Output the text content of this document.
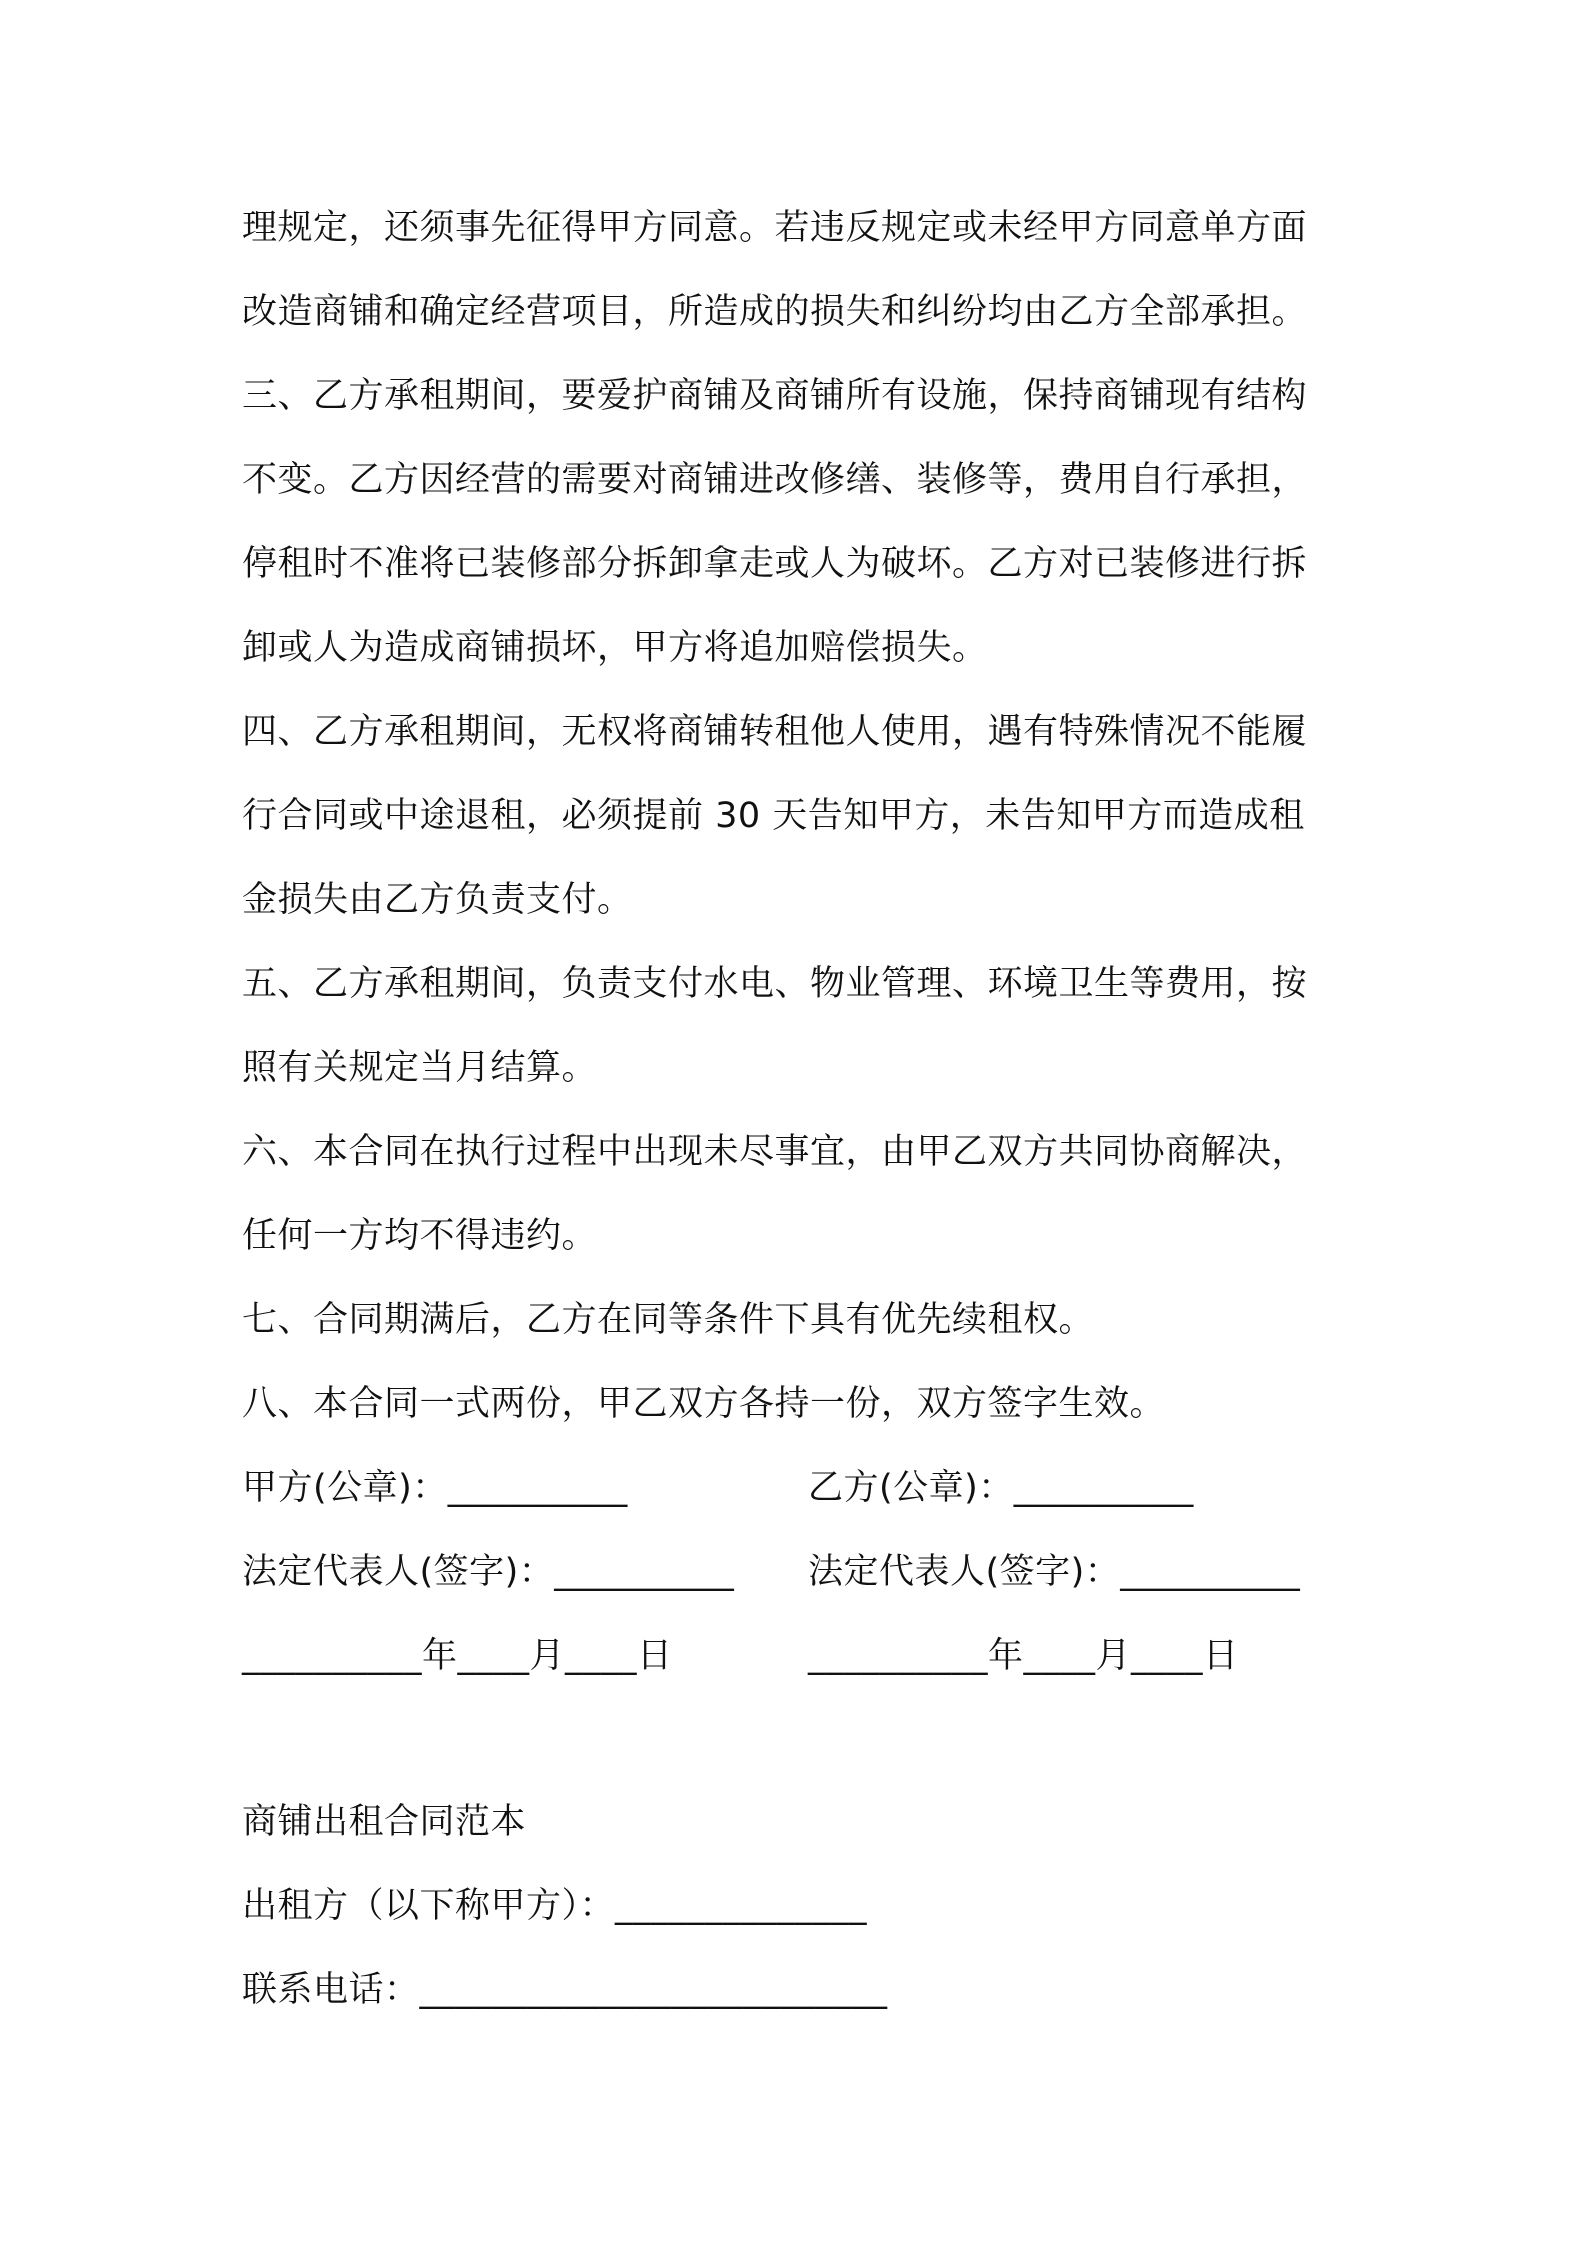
理规定，还须事先征得甲方同意。若违反规定或未经甲方同意单方面
改造商铺和确定经营项目，所造成的损失和纠纷均由乙方全部承担。
三、乙方承租期间，要爱护商铺及商铺所有设施，保持商铺现有结构
不变。乙方因经营的需要对商铺进改修缮、装修等，费用自行承担，
停租时不准将已装修部分拆卸拿走或人为破坏。乙方对已装修进行拆
卸或人为造成商铺损坏，甲方将追加赔偿损失。
四、乙方承租期间，无权将商铺转租他人使用，遇有特殊情况不能履
行合同或中途退租，必须提前 30 天告知甲方，未告知甲方而造成租
金损失由乙方负责支付。
五、乙方承租期间，负责支付水电、物业管理、环境卫生等费用，按
照有关规定当月结算。
六、本合同在执行过程中出现未尽事宜，由甲乙双方共同协商解决，
任何一方均不得违约。
七、合同期满后，乙方在同等条件下具有优先续租权。
八、本合同一式两份，甲乙双方各持一份，双方签字生效。
甲方(公章)：__________	乙方(公章)：__________
法定代表人(签字)：__________ 法定代表人(签字)：__________
__________年____月____日	__________年____月____日
商铺出租合同范本
出租方（以下称甲方）：______________
联系电话：__________________________
